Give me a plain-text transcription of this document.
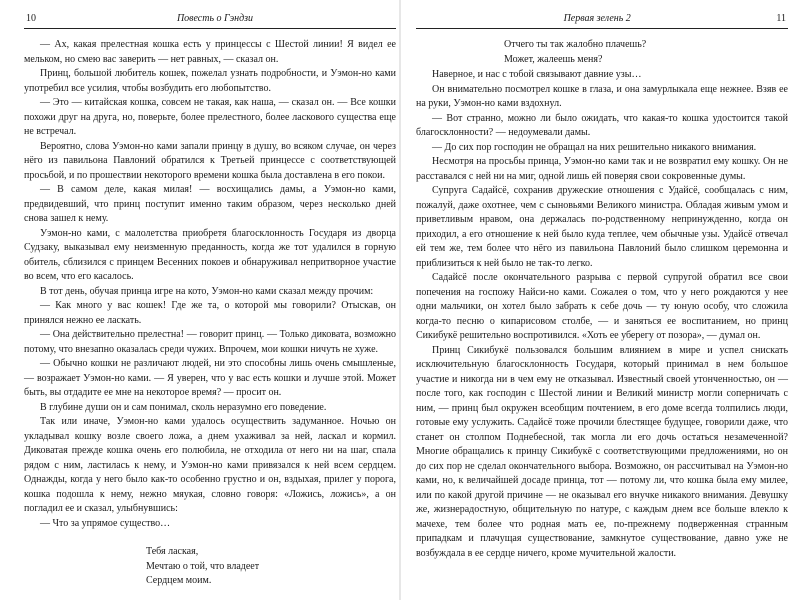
10	Повесть о Гэндзи

— Ах, какая прелестная кошка есть у принцессы с Шестой линии! Я видел ее мельком, но смею вас заверить — нет равных, — сказал он.

Принц, большой любитель кошек, пожелал узнать подробности, и Уэмон-но ками употребил все усилия, чтобы возбудить его любопытство.

— Это — китайская кошка, совсем не такая, как наша, — сказал он. — Все кошки похожи друг на друга, но, поверьте, более прелестного, более ласкового существа еще не встречал.

Вероятно, слова Уэмон-но ками запали принцу в душу, во всяком случае, он через нёго из павильона Павлоний обратился к Третьей принцессе с соответствующей просьбой, и по прошествии некоторого времени кошка была доставлена в его покои.

— В самом деле, какая милая! — восхищались дамы, а Уэмон-но ками, предвидевший, что принц поступит именно таким образом, через несколько дней снова зашел к нему.

Уэмон-но ками, с малолетства приобретя благосклонность Государя из дворца Судзаку, выказывал ему неизменную преданность, когда же тот удалился в горную обитель, сблизился с принцем Весенних покоев и обнаруживал непритворное участие во всем, что его касалось.

В тот день, обучая принца игре на кото, Уэмон-но ками сказал между прочим:

— Как много у вас кошек! Где же та, о которой мы говорили? Отыскав, он принялся нежно ее ласкать.

— Она действительно прелестна! — говорит принц. — Только диковата, возможно потому, что внезапно оказалась среди чужих. Впрочем, мои кошки ничуть не хуже.

— Обычно кошки не различают людей, ни это способны лишь очень смышленые, — возражает Уэмон-но ками. — Я уверен, что у вас есть кошки и лучше этой. Может быть, вы отдадите ее мне на некоторое время? — просит он.

В глубине души он и сам понимал, сколь неразумно его поведение.

Так или иначе, Уэмон-но ками удалось осуществить задуманное. Ночью он укладывал кошку возле своего ложа, а днем ухаживал за ней, ласкал и кормил. Диковатая прежде кошка очень его полюбила, не отходила от него ни на шаг, спала рядом с ним, ластилась к нему, и Уэмон-но ками привязался к ней всем сердцем. Однажды, когда у него было как-то особенно грустно и он, вздыхая, прилег у порога, кошка подошла к нему, нежно мяукая, словно говоря: «Ложись, ложись», а он погладил ее и сказал, улыбнувшись:

— Что за упрямое существо…

Тебя лаская,

Мечтаю о той, что владеет

Сердцем моим.

Первая зелень 2	11

Отчего ты так жалобно плачешь?

Может, жалеешь меня?

Наверное, и нас с тобой связывают давние узы…

Он внимательно посмотрел кошке в глаза, и она замурлыкала еще нежнее. Взяв ее на руки, Уэмон-но ками вздохнул.

— Вот странно, можно ли было ожидать, что какая-то кошка удостоится такой благосклонности? — недоумевали дамы.

— До сих пор господин не обращал на них решительно никакого внимания.

Несмотря на просьбы принца, Уэмон-но ками так и не возвратил ему кошку. Он не расставался с ней ни на миг, одной лишь ей поверяя свои сокровенные думы.

Супруга Садайсё, сохранив дружеские отношения с Удайсё, сообщалась с ним, пожалуй, даже охотнее, чем с сыновьями Великого министра. Обладая живым умом и приветливым нравом, она держалась по-родственному непринужденно, когда он приходил, а его отношение к ней было куда теплее, чем обычные узы. Удайсё отвечал ей тем же, тем более что нёго из павильона Павлоний было слишком церемонна и приблизиться к ней было не так-то легко.

Садайсё после окончательного разрыва с первой супругой обратил все свои попечения на госпожу Найси-но ками. Сожалея о том, что у него рождаются у нее одни мальчики, он хотел было забрать к себе дочь — ту юную особу, что сложила когда-то песню о кипарисовом столбе, — и заняться ее воспитанием, но принц Сикибукё решительно воспротивился. «Хоть ее уберегу от позора», — думал он.

Принц Сикибукё пользовался большим влиянием в мире и успел снискать исключительную благосклонность Государя, который принимал в нем большое участие и никогда ни в чем ему не отказывал. Известный своей утонченностью, он — после того, как господин с Шестой линии и Великий министр могли соперничать с ним, — принц был окружен всеобщим почтением, в его доме всегда толпились люди, готовые ему услужить. Садайсё тоже прочили блестящее будущее, говорили даже, что станет он столпом Поднебесной, так могла ли его дочь остаться незамеченной? Многие обращались к принцу Сикибукё с соответствующими предложениями, но он до сих пор не сделал окончательного выбора. Возможно, он рассчитывал на Уэмон-но ками, но, к величайшей досаде принца, тот — потому ли, что кошка была ему милее, или по какой другой причине — не оказывал его внучке никакого внимания. Девушку же, жизнерадостную, общительную по натуре, с каждым днем все больше влекло к мачехе, тем более что родная мать ее, по-прежнему подверженная странным припадкам и плачущая существование, замкнутое существование, давно уже не возбуждала в ее сердце ничего, кроме мучительной жалости.
